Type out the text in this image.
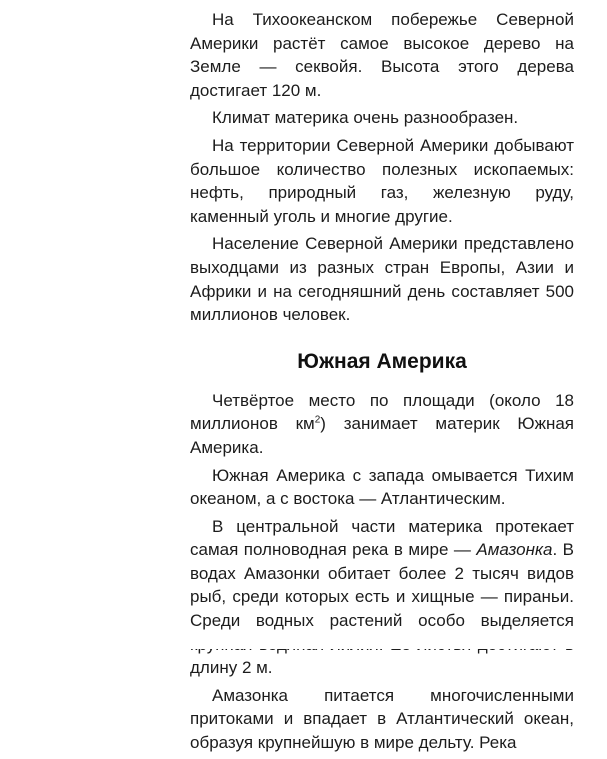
На Тихоокеанском побережье Северной Америки растёт самое высокое дерево на Земле — секвойя. Высота этого дерева достигает 120 м.

Климат материка очень разнообразен.

На территории Северной Америки добывают большое количество полезных ископаемых: нефть, природный газ, железную руду, каменный уголь и многие другие.

Население Северной Америки представлено выходцами из разных стран Европы, Азии и Африки и на сегодняшний день составляет 500 миллионов человек.

Южная Америка

Четвёртое место по площади (около 18 миллионов $км^2$) занимает материк Южная Америка.

Южная Америка с запада омывается Тихим океаном, а с востока — Атлантическим.

В центральной части материка протекает самая полноводная река в мире — Амазонка. В водах Амазонки обитает более 2 тысяч видов рыб, среди которых есть и хищные — пираньи. Среди водных растений особо выделяется длину 2 м.

Амазонка питается многочисленными притоками и впадает в Атлантический океан, образуя крупнейшую в мире дельту. Река
